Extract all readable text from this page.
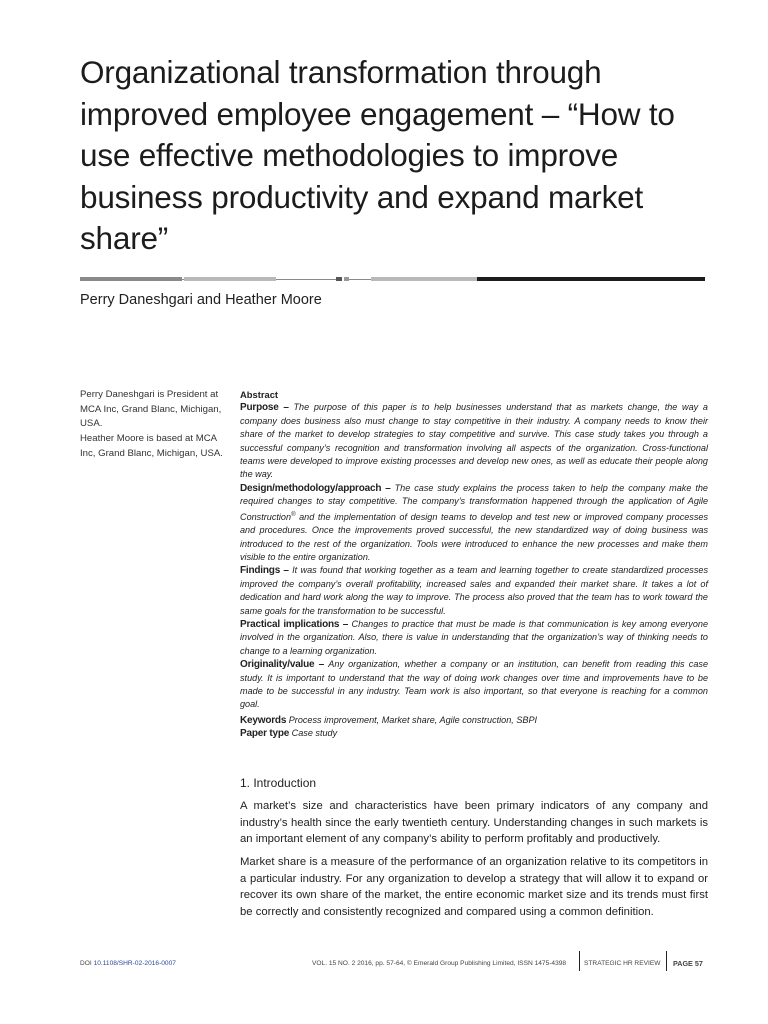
Organizational transformation through improved employee engagement – “How to use effective methodologies to improve business productivity and expand market share”
Perry Daneshgari and Heather Moore

Perry Daneshgari is President at MCA Inc, Grand Blanc, Michigan, USA.

Heather Moore is based at MCA Inc, Grand Blanc, Michigan, USA.

Abstract

Purpose – The purpose of this paper is to help businesses understand that as markets change, the way a company does business also must change to stay competitive in their industry. A company needs to know their share of the market to develop strategies to stay competitive and survive. This case study takes you through a successful company’s recognition and transformation involving all aspects of the organization. Cross-functional teams were developed to improve existing processes and develop new ones, as well as educate their people along the way.

Design/methodology/approach – The case study explains the process taken to help the company make the required changes to stay competitive. The company’s transformation happened through the application of Agile Construction® and the implementation of design teams to develop and test new or improved company processes and procedures. Once the improvements proved successful, the new standardized way of doing business was introduced to the rest of the organization. Tools were introduced to enhance the new processes and make them visible to the entire organization.

Findings – It was found that working together as a team and learning together to create standardized processes improved the company’s overall profitability, increased sales and expanded their market share. It takes a lot of dedication and hard work along the way to improve. The process also proved that the team has to work toward the same goals for the transformation to be successful.

Practical implications – Changes to practice that must be made is that communication is key among everyone involved in the organization. Also, there is value in understanding that the organization’s way of thinking needs to change to a learning organization.

Originality/value – Any organization, whether a company or an institution, can benefit from reading this case study. It is important to understand that the way of doing work changes over time and improvements have to be made to be successful in any industry. Team work is also important, so that everyone is reaching for a common goal.

Keywords Process improvement, Market share, Agile construction, SBPI

Paper type Case study

1. Introduction

A market’s size and characteristics have been primary indicators of any company and industry’s health since the early twentieth century. Understanding changes in such markets is an important element of any company’s ability to perform profitably and productively.

Market share is a measure of the performance of an organization relative to its competitors in a particular industry. For any organization to develop a strategy that will allow it to expand or recover its own share of the market, the entire economic market size and its trends must first be correctly and consistently recognized and compared using a common definition.

DOI 10.1108/SHR-02-2016-0007	VOL. 15 NO. 2 2016, pp. 57-64, © Emerald Group Publishing Limited, ISSN 1475-4398	STRATEGIC HR REVIEW PAGE 57
